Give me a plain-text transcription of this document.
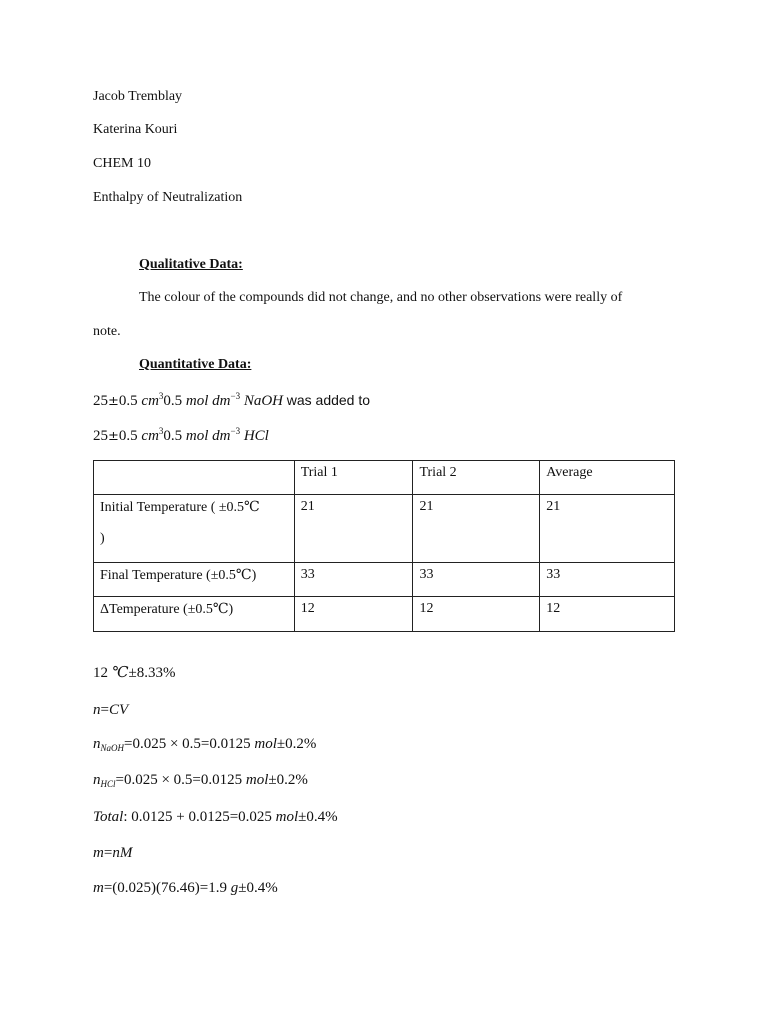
Jacob Tremblay
Katerina Kouri
CHEM 10
Enthalpy of Neutralization
Qualitative Data:
The colour of the compounds did not change, and no other observations were really of
note.
Quantitative Data:
25±0.5 $cm^30.5$ mol $dm^{-3}$ NaOH was added to
25±0.5 $cm^30.5$ mol $dm^{-3}$ HCl
	Trial 1	Trial 2	Average

Initial Temperature ( ±0.5℃
)	21	21	21
Final Temperature (±0.5℃)	33	33	33
ΔTemperature (±0.5℃)	12	12	12
12 ℃±8.33%
n=CV
$n_{NaOH}=0.025 \times 0.5=0.0125$ mol±0.2%
$n_{HCl}=0.025 \times 0.5=0.0125$ mol±0.2%
Total: 0.0125 + 0.0125=0.025 mol±0.4%
m=nM
m=(0.025)(76.46)=1.9 g±0.4%
